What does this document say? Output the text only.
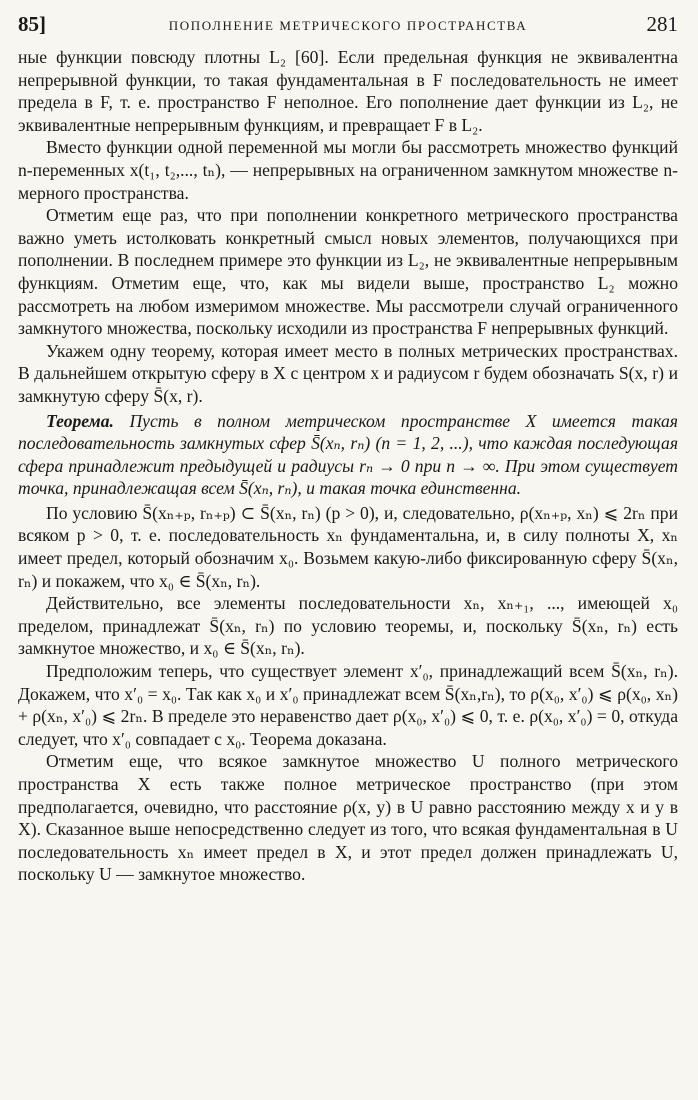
85]	ПОПОЛНЕНИЕ МЕТРИЧЕСКОГО ПРОСТРАНСТВА	281

ные функции повсюду плотны L₂ [60]. Если предельная функция не эквивалентна непрерывной функции, то такая фундаментальная в F последовательность не имеет предела в F, т. е. пространство F неполное. Его пополнение дает функции из L₂, не эквивалентные непрерывным функциям, и превращает F в L₂.

Вместо функции одной переменной мы могли бы рассмотреть множество функций n-переменных x(t₁, t₂,..., tₙ), — непрерывных на ограниченном замкнутом множестве n-мерного пространства.

Отметим еще раз, что при пополнении конкретного метрического пространства важно уметь истолковать конкретный смысл новых элементов, получающихся при пополнении. В последнем примере это функции из L₂, не эквивалентные непрерывным функциям. Отметим еще, что, как мы видели выше, пространство L₂ можно рассмотреть на любом измеримом множестве. Мы рассмотрели случай ограниченного замкнутого множества, поскольку исходили из пространства F непрерывных функций.

Укажем одну теорему, которая имеет место в полных метрических пространствах. В дальнейшем открытую сферу в X с центром x и радиусом r будем обозначать S(x, r) и замкнутую сферу S̄(x, r).

Теорема. Пусть в полном метрическом пространстве X имеется такая последовательность замкнутых сфер S̄(xₙ, rₙ) (n = 1, 2, ...), что каждая последующая сфера принадлежит предыдущей и радиусы rₙ → 0 при n → ∞. При этом существует точка, принадлежащая всем S̄(xₙ, rₙ), и такая точка единственна.

По условию S̄(xₙ₊ₚ, rₙ₊ₚ) ⊂ S̄(xₙ, rₙ) (p > 0), и, следовательно, ρ(xₙ₊ₚ, xₙ) ⩽ 2rₙ при всяком p > 0, т. е. последовательность xₙ фундаментальна, и, в силу полноты X, xₙ имеет предел, который обозначим x₀. Возьмем какую-либо фиксированную сферу S̄(xₙ, rₙ) и покажем, что x₀ ∈ S̄(xₙ, rₙ).

Действительно, все элементы последовательности xₙ, xₙ₊₁, ..., имеющей x₀ пределом, принадлежат S̄(xₙ, rₙ) по условию теоремы, и, поскольку S̄(xₙ, rₙ) есть замкнутое множество, и x₀ ∈ S̄(xₙ, rₙ).

Предположим теперь, что существует элемент x′₀, принадлежащий всем S̄(xₙ, rₙ). Докажем, что x′₀ = x₀. Так как x₀ и x′₀ принадлежат всем S̄(xₙ,rₙ), то ρ(x₀, x′₀) ⩽ ρ(x₀, xₙ) + ρ(xₙ, x′₀) ⩽ 2rₙ. В пределе это неравенство дает ρ(x₀, x′₀) ⩽ 0, т. е. ρ(x₀, x′₀) = 0, откуда следует, что x′₀ совпадает с x₀. Теорема доказана.

Отметим еще, что всякое замкнутое множество U полного метрического пространства X есть также полное метрическое пространство (при этом предполагается, очевидно, что расстояние ρ(x, y) в U равно расстоянию между x и y в X). Сказанное выше непосредственно следует из того, что всякая фундаментальная в U последовательность xₙ имеет предел в X, и этот предел должен принадлежать U, поскольку U — замкнутое множество.
